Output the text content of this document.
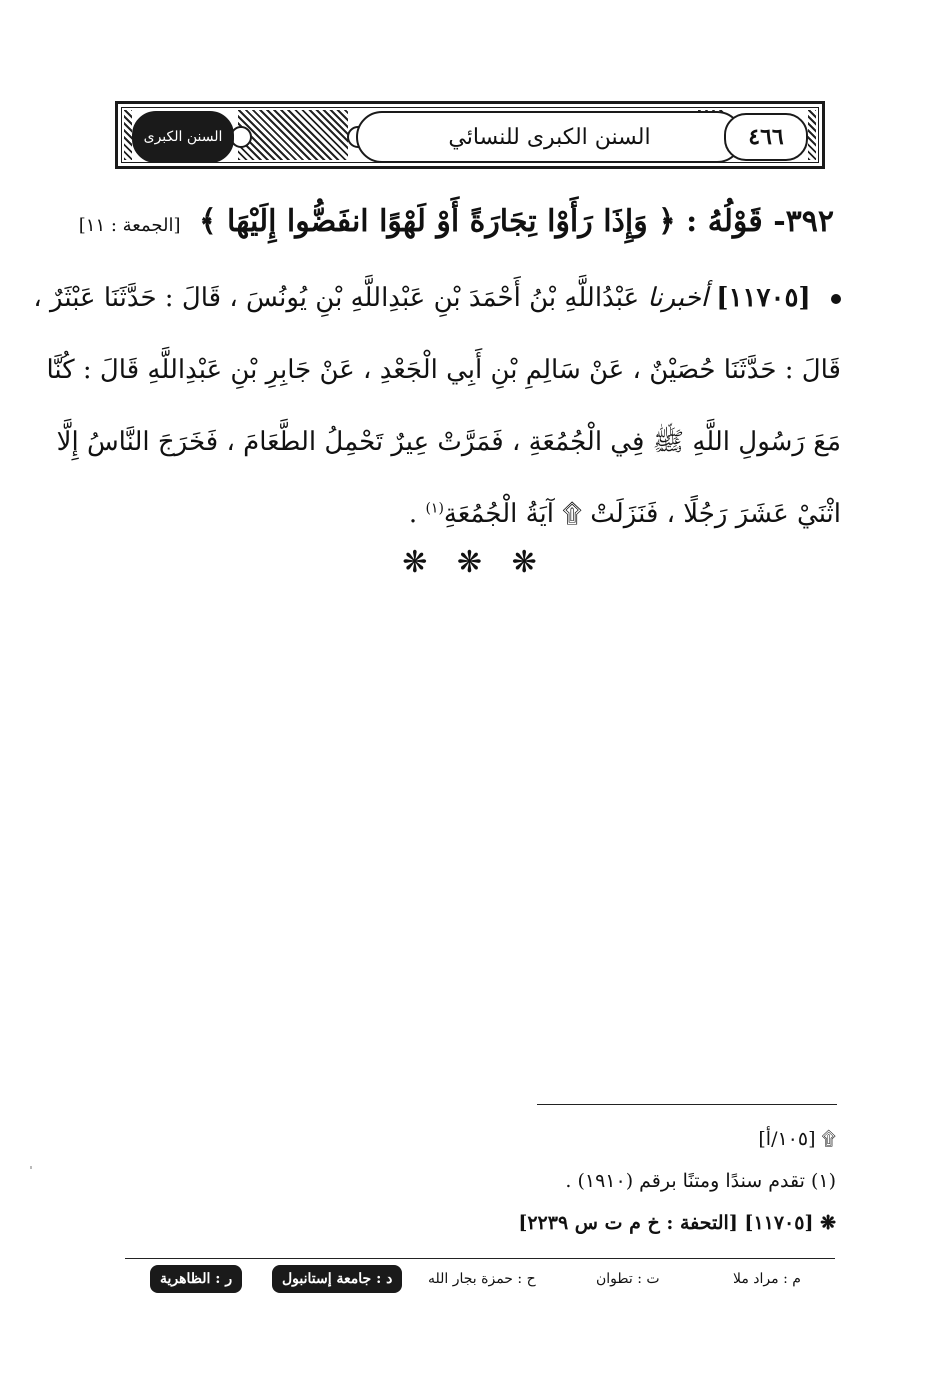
السنن الكبرى	السنن الكبرى للنسائي	٤٦٦
٣٩٢- قَوْلُهُ : ﴿ وَإِذَا رَأَوْا تِجَارَةً أَوْ لَهْوًا انفَضُّوا إِلَيْهَا ﴾ [الجمعة : ١١]
[١١٧٠٥] أخبرنا عَبْدُاللَّهِ بْنُ أَحْمَدَ بْنِ عَبْدِاللَّهِ بْنِ يُونُسَ ، قَالَ : حَدَّثَنَا عَبْثَرٌ ،
قَالَ : حَدَّثَنَا حُصَيْنٌ ، عَنْ سَالِمِ بْنِ أَبِي الْجَعْدِ ، عَنْ جَابِرِ بْنِ عَبْدِاللَّهِ قَالَ : كُنَّا
مَعَ رَسُولِ اللَّهِ ﷺ فِي الْجُمُعَةِ ، فَمَرَّتْ عِيرٌ تَحْمِلُ الطَّعَامَ ، فَخَرَجَ النَّاسُ إِلَّا
اثْنَيْ عَشَرَ رَجُلًا ، فَنَزَلَتْ ۩ آيَةُ الْجُمُعَةِ$^{(١)}$ .
❋ ❋ ❋
۩ [١٠٥/أ]
(١) تقدم سندًا ومتنًا برقم (١٩١٠) .
❋ [١١٧٠٥] [التحفة : خ م ت س ٢٢٣٩]
م : مراد ملا
ت : تطوان
ح : حمزة بجار الله
د : جامعة إستانبول
ر : الظاهرية
